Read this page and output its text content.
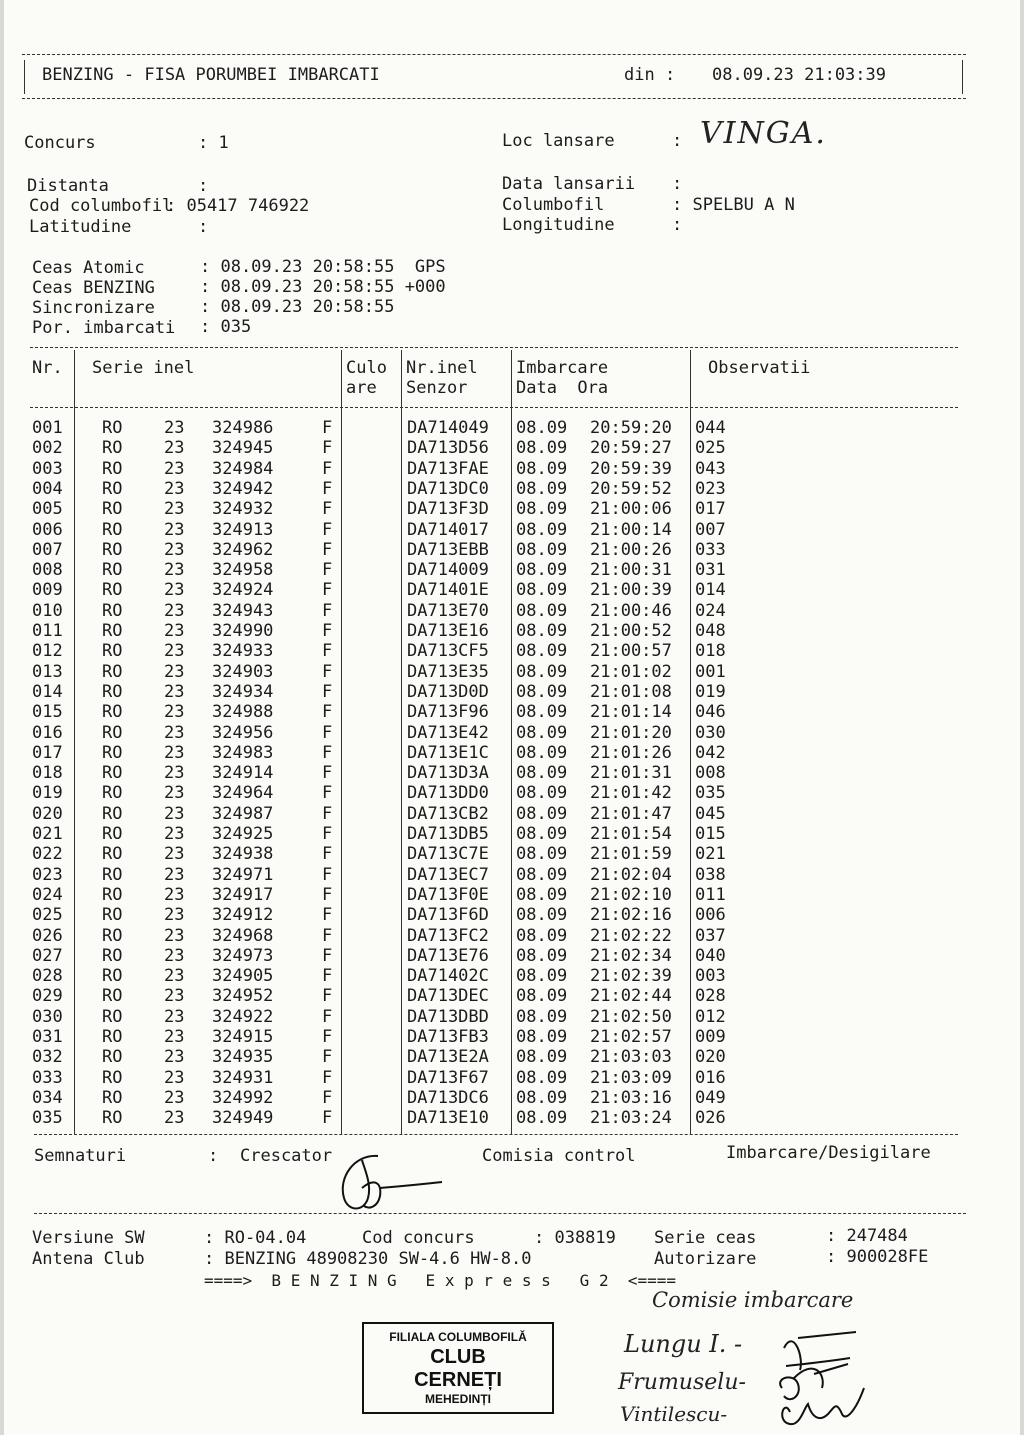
BENZING - FISA PORUMBEI IMBARCATI	din : 08.09.23 21:03:39
Concurs	: 1	Loc lansare	: VINGA.
Distanta	:	Data lansarii :
Cod columbofil
: 05417 746922	Columbofil	: SPELBU A N
Latitudine	:	Longitudine	:
Ceas Atomic	: 08.09.23 20:58:55  GPS
Ceas BENZING	: 08.09.23 20:58:55 +000
Sincronizare	: 08.09.23 20:58:55
Por. imbarcati : 035
Nr. Serie inel	Culo
are
Nr.inel
Senzor
Imbarcare
Data  Ora
Observatii
001 RO 23 324986	F	DA714049 08.09 20:59:20 044
002 RO 23 324945	F	DA713D56 08.09 20:59:27 025
003 RO 23 324984	F	DA713FAE 08.09 20:59:39 043
004 RO 23 324942	F	DA713DC0 08.09 20:59:52 023
005 RO 23 324932	F	DA713F3D 08.09 21:00:06 017
006 RO 23 324913	F	DA714017 08.09 21:00:14 007
007 RO 23 324962	F	DA713EBB 08.09 21:00:26 033
008 RO 23 324958	F	DA714009 08.09 21:00:31 031
009 RO 23 324924	F	DA71401E 08.09 21:00:39 014
010 RO 23 324943	F	DA713E70 08.09 21:00:46 024
011 RO 23 324990	F	DA713E16 08.09 21:00:52 048
012 RO 23 324933	F	DA713CF5 08.09 21:00:57 018
013 RO 23 324903	F	DA713E35 08.09 21:01:02 001
014 RO 23 324934	F	DA713D0D 08.09 21:01:08 019
015 RO 23 324988	F	DA713F96 08.09 21:01:14 046
016 RO 23 324956	F	DA713E42 08.09 21:01:20 030
017 RO 23 324983	F	DA713E1C 08.09 21:01:26 042
018 RO 23 324914	F	DA713D3A 08.09 21:01:31 008
019 RO 23 324964	F	DA713DD0 08.09 21:01:42 035
020 RO 23 324987	F	DA713CB2 08.09 21:01:47 045
021 RO 23 324925	F	DA713DB5 08.09 21:01:54 015
022 RO 23 324938	F	DA713C7E 08.09 21:01:59 021
023 RO 23 324971	F	DA713EC7 08.09 21:02:04 038
024 RO 23 324917	F	DA713F0E 08.09 21:02:10 011
025 RO 23 324912	F	DA713F6D 08.09 21:02:16 006
026 RO 23 324968	F	DA713FC2 08.09 21:02:22 037
027 RO 23 324973	F	DA713E76 08.09 21:02:34 040
028 RO 23 324905	F	DA71402C 08.09 21:02:39 003
029 RO 23 324952	F	DA713DEC 08.09 21:02:44 028
030 RO 23 324922	F	DA713DBD 08.09 21:02:50 012
031 RO 23 324915	F	DA713FB3 08.09 21:02:57 009
032 RO 23 324935	F	DA713E2A 08.09 21:03:03 020
033 RO 23 324931	F	DA713F67 08.09 21:03:09 016
034 RO 23 324992	F	DA713DC6 08.09 21:03:16 049
035 RO 23 324949	F	DA713E10 08.09 21:03:24 026
Semnaturi	: Crescator	Comisia control	Imbarcare/Desigilare
Versiune SW	: RO-04.04	Cod concurs	: 038819 Serie ceas	: 247484
Antena Club	: BENZING 48908230 SW-4.6 HW-8.0	Autorizare	: 900028FE
====>  B E N Z I N G   E x p r e s s   G 2  <====
Comisie imbarcare
Lungu I. -
Frumuselu-
Vintilescu-
FILIALA COLUMBOFILĂ
CLUB
CERNEȚI
MEHEDINȚI
